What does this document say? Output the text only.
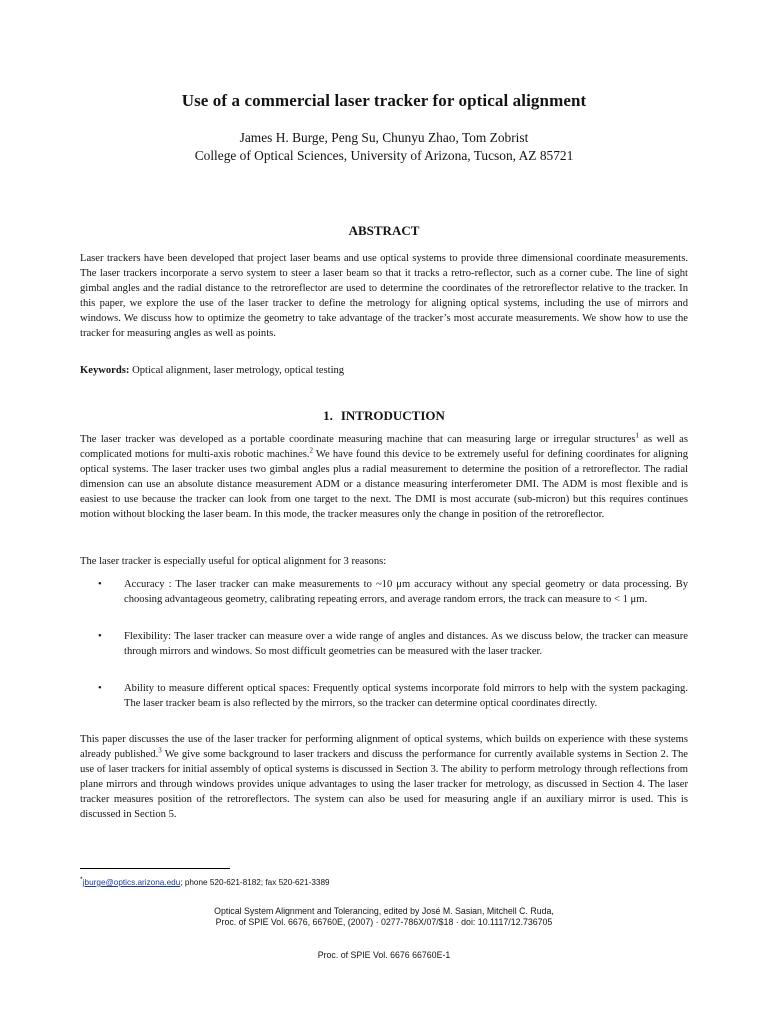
Use of a commercial laser tracker for optical alignment
James H. Burge, Peng Su, Chunyu Zhao, Tom Zobrist
College of Optical Sciences, University of Arizona, Tucson, AZ 85721
ABSTRACT

Laser trackers have been developed that project laser beams and use optical systems to provide three dimensional coordinate measurements. The laser trackers incorporate a servo system to steer a laser beam so that it tracks a retro-reflector, such as a corner cube. The line of sight gimbal angles and the radial distance to the retroreflector are used to determine the coordinates of the retroreflector relative to the tracker. In this paper, we explore the use of the laser tracker to define the metrology for aligning optical systems, including the use of mirrors and windows. We discuss how to optimize the geometry to take advantage of the tracker’s most accurate measurements. We show how to use the tracker for measuring angles as well as points.

Keywords: Optical alignment, laser metrology, optical testing
1. INTRODUCTION

The laser tracker was developed as a portable coordinate measuring machine that can measuring large or irregular structures$^1$ as well as complicated motions for multi-axis robotic machines.$^2$ We have found this device to be extremely useful for defining coordinates for aligning optical systems. The laser tracker uses two gimbal angles plus a radial measurement to determine the position of a retroreflector. The radial dimension can use an absolute distance measurement ADM or a distance measuring interferometer DMI. The ADM is most flexible and is easiest to use because the tracker can look from one target to the next. The DMI is most accurate (sub-micron) but this requires continues motion without blocking the laser beam. In this mode, the tracker measures only the change in position of the retroreflector.

The laser tracker is especially useful for optical alignment for 3 reasons:

•	Accuracy : The laser tracker can make measurements to ~10 μm accuracy without any special geometry or data processing. By choosing advantageous geometry, calibrating repeating errors, and average random errors, the track can measure to < 1 μm.
•	Flexibility: The laser tracker can measure over a wide range of angles and distances. As we discuss below, the tracker can measure through mirrors and windows. So most difficult geometries can be measured with the laser tracker.
•	Ability to measure different optical spaces: Frequently optical systems incorporate fold mirrors to help with the system packaging. The laser tracker beam is also reflected by the mirrors, so the tracker can determine optical coordinates directly.

This paper discusses the use of the laser tracker for performing alignment of optical systems, which builds on experience with these systems already published.$^3$ We give some background to laser trackers and discuss the performance for currently available systems in Section 2. The use of laser trackers for initial assembly of optical systems is discussed in Section 3. The ability to perform metrology through reflections from plane mirrors and through windows provides unique advantages to using the laser tracker for metrology, as discussed in Section 4. The laser tracker measures position of the retroreflectors. The system can also be used for measuring angle if an auxiliary mirror is used. This is discussed in Section 5.

*jburge@optics.arizona.edu; phone 520-621-8182; fax 520-621-3389
Optical System Alignment and Tolerancing, edited by José M. Sasian, Mitchell C. Ruda,
Proc. of SPIE Vol. 6676, 66760E, (2007) · 0277-786X/07/$18 · doi: 10.1117/12.736705
Proc. of SPIE Vol. 6676 66760E-1
